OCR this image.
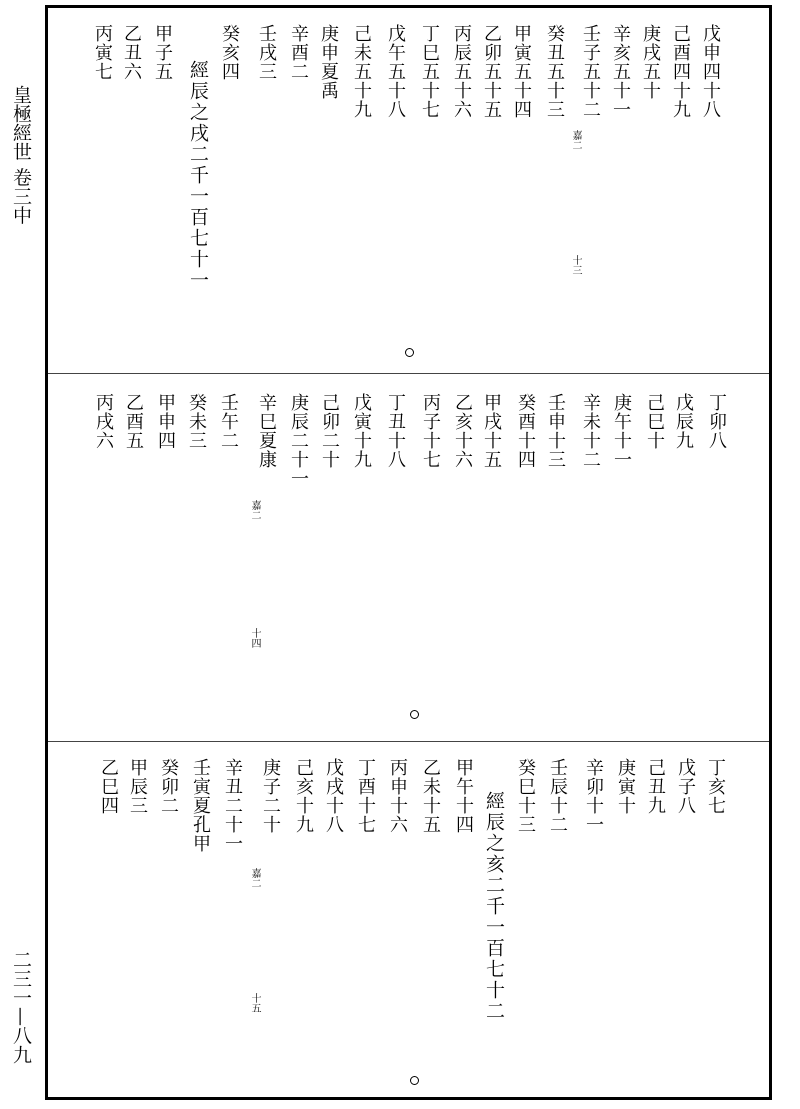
皇極經世 卷三中
二三一—八九
戊申四十八
己酉四十九
庚戌五十
辛亥五十一
壬子五十二
癸丑五十三
甲寅五十四
乙卯五十五
丙辰五十六
丁巳五十七
戊午五十八
己未五十九
庚申夏禹
辛酉二
壬戌三
癸亥四
經辰之戌二千一百七十一
甲子五
乙丑六
丙寅七
嘉二
十三
丁卯八
戊辰九
己巳十
庚午十一
辛未十二
壬申十三
癸酉十四
甲戌十五
乙亥十六
丙子十七
丁丑十八
戊寅十九
己卯二十
庚辰二十一
辛巳夏康
壬午二
癸未三
甲申四
乙酉五
丙戌六
嘉二
十四
丁亥七
戊子八
己丑九
庚寅十
辛卯十一
壬辰十二
癸巳十三
經辰之亥二千一百七十二
甲午十四
乙未十五
丙申十六
丁酉十七
戊戌十八
己亥十九
庚子二十
辛丑二十一
壬寅夏孔甲
癸卯二
甲辰三
乙巳四
嘉二
十五
